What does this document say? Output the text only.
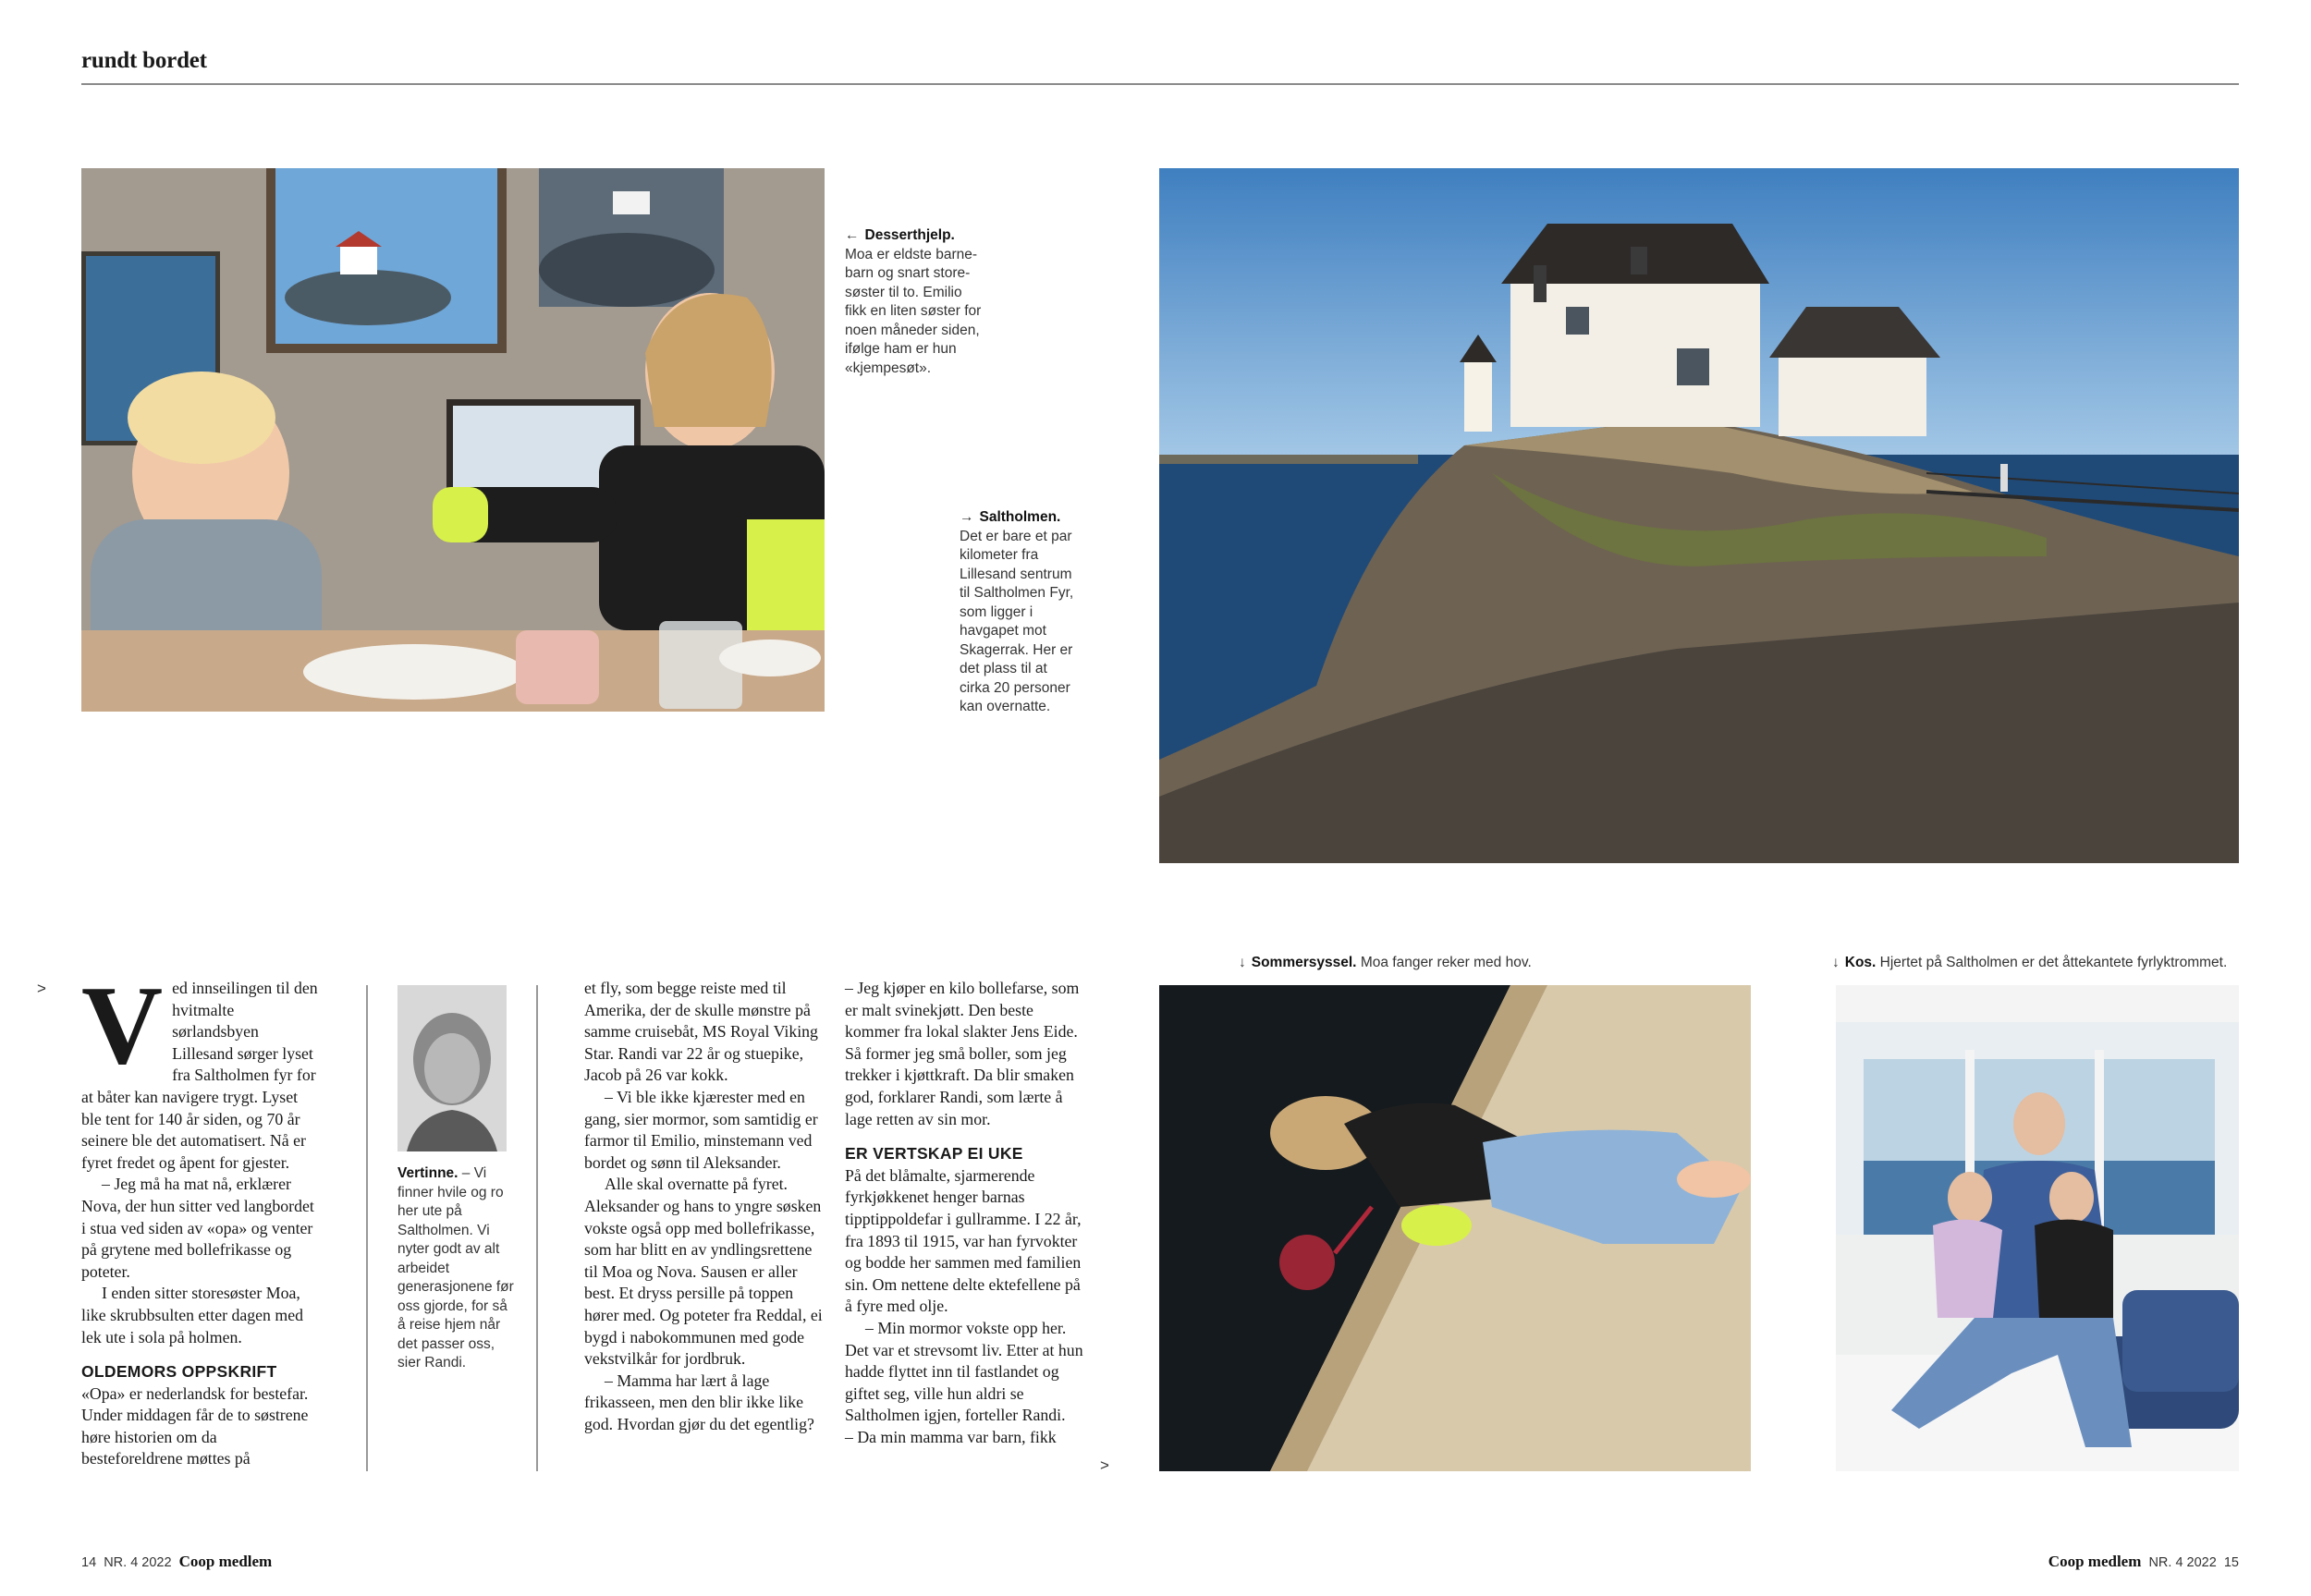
rundt bordet
← Desserthjelp. Moa er eldste barne-barn og snart store-søster til to. Emilio fikk en liten søster for noen måneder siden, ifølge ham er hun «kjempesøt».
→ Saltholmen. Det er bare et par kilometer fra Lillesand sentrum til Saltholmen Fyr, som ligger i havgapet mot Skagerrak. Her er det plass til at cirka 20 personer kan overnatte.
> Ved innseilingen til den hvitmalte sørlandsbyen Lillesand sørger lyset fra Saltholmen fyr for at båter kan navigere trygt. Lyset ble tent for 140 år siden, og 70 år seinere ble det automatisert. Nå er fyret fredet og åpent for gjester.

– Jeg må ha mat nå, erklærer Nova, der hun sitter ved langbordet i stua ved siden av «opa» og venter på grytene med bollefrikasse og poteter.

I enden sitter storesøster Moa, like skrubbsulten etter dagen med lek ute i sola på holmen.

OLDEMORS OPPSKRIFT

«Opa» er nederlandsk for bestefar. Under middagen får de to søstrene høre historien om da besteforeldrene møttes på

Vertinne. – Vi finner hvile og ro her ute på Saltholmen. Vi nyter godt av alt arbeidet generasjonene før oss gjorde, for så å reise hjem når det passer oss, sier Randi.

et fly, som begge reiste med til Amerika, der de skulle mønstre på samme cruisebåt, MS Royal Viking Star. Randi var 22 år og stuepike, Jacob på 26 var kokk.

– Vi ble ikke kjærester med en gang, sier mormor, som samtidig er farmor til Emilio, minstemann ved bordet og sønn til Aleksander.

Alle skal overnatte på fyret. Aleksander og hans to yngre søsken vokste også opp med bollefrikasse, som har blitt en av yndlingsrettene til Moa og Nova. Sausen er aller best. Et dryss persille på toppen hører med. Og poteter fra Reddal, ei bygd i nabokommunen med gode vekstvilkår for jordbruk.

– Mamma har lært å lage frikasseen, men den blir ikke like god. Hvordan gjør du det egentlig?

– Jeg kjøper en kilo bollefarse, som er malt svinekjøtt. Den beste kommer fra lokal slakter Jens Eide. Så former jeg små boller, som jeg trekker i kjøttkraft. Da blir smaken god, forklarer Randi, som lærte å lage retten av sin mor.

ER VERTSKAP EI UKE

På det blåmalte, sjarmerende fyrkjøkkenet henger barnas tipptippoldefar i gullramme. I 22 år, fra 1893 til 1915, var han fyrvokter og bodde her sammen med familien sin. Om nettene delte ektefellene på å fyre med olje.

– Min mormor vokste opp her. Det var et strevsomt liv. Etter at hun hadde flyttet inn til fastlandet og giftet seg, ville hun aldri se Saltholmen igjen, forteller Randi.

– Da min mamma var barn, fikk

>
↓ Sommersyssel. Moa fanger reker med hov.	↓ Kos. Hjertet på Saltholmen er det åttekantete fyrlyktrommet.
14 NR. 4 2022 Coop medlem	Coop medlem NR. 4 2022 15
